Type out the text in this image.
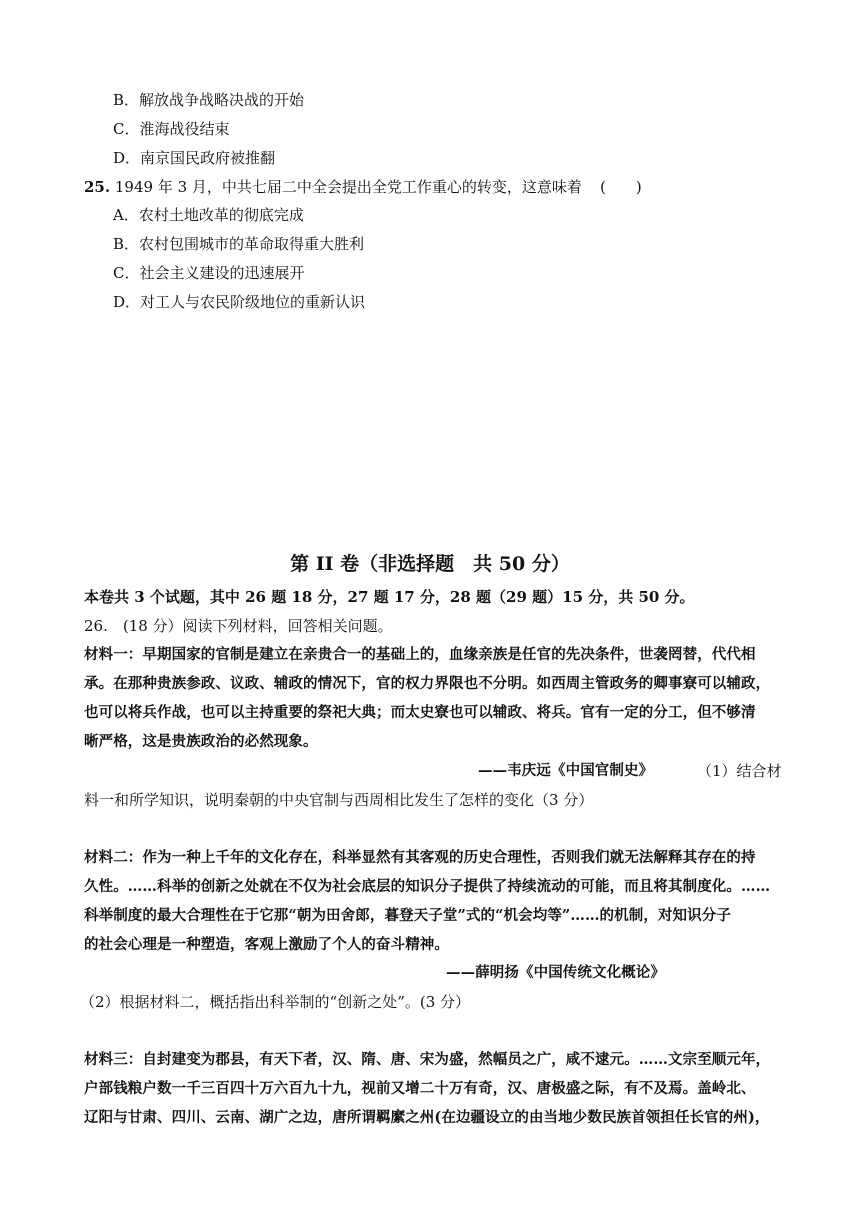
B．解放战争战略决战的开始
C．淮海战役结束
D．南京国民政府被推翻
25. 1949 年 3 月，中共七届二中全会提出全党工作重心的转变，这意味着 (　　)
A．农村土地改革的彻底完成
B．农村包围城市的革命取得重大胜利
C．社会主义建设的迅速展开
D．对工人与农民阶级地位的重新认识
第 II 卷（非选择题　共 50 分）
本卷共 3 个试题，其中 26 题 18 分，27 题 17 分，28 题（29 题）15 分，共 50 分。
26.　(18 分）阅读下列材料，回答相关问题。
材料一：早期国家的官制是建立在亲贵合一的基础上的，血缘亲族是任官的先决条件，世袭罔替，代代相
承。在那种贵族参政、议政、辅政的情况下，官的权力界限也不分明。如西周主管政务的卿事寮可以辅政，
也可以将兵作战，也可以主持重要的祭祀大典；而太史寮也可以辅政、将兵。官有一定的分工，但不够清
晰严格，这是贵族政治的必然现象。
——韦庆远《中国官制史》	（1）结合材
料一和所学知识，说明秦朝的中央官制与西周相比发生了怎样的变化（3 分）
材料二：作为一种上千年的文化存在，科举显然有其客观的历史合理性，否则我们就无法解释其存在的持
久性。……科举的创新之处就在不仅为社会底层的知识分子提供了持续流动的可能，而且将其制度化。……
科举制度的最大合理性在于它那“朝为田舍郎，暮登天子堂”式的“机会均等”……的机制，对知识分子
的社会心理是一种塑造，客观上激励了个人的奋斗精神。
——薛明扬《中国传统文化概论》
（2）根据材料二，概括指出科举制的“创新之处”。(3 分）
材料三：自封建变为郡县，有天下者，汉、隋、唐、宋为盛，然幅员之广，咸不逮元。……文宗至顺元年，
户部钱粮户数一千三百四十万六百九十九，视前又增二十万有奇，汉、唐极盛之际，有不及焉。盖岭北、
辽阳与甘肃、四川、云南、湖广之边，唐所谓羁縻之州(在边疆设立的由当地少数民族首领担任长官的州)，
